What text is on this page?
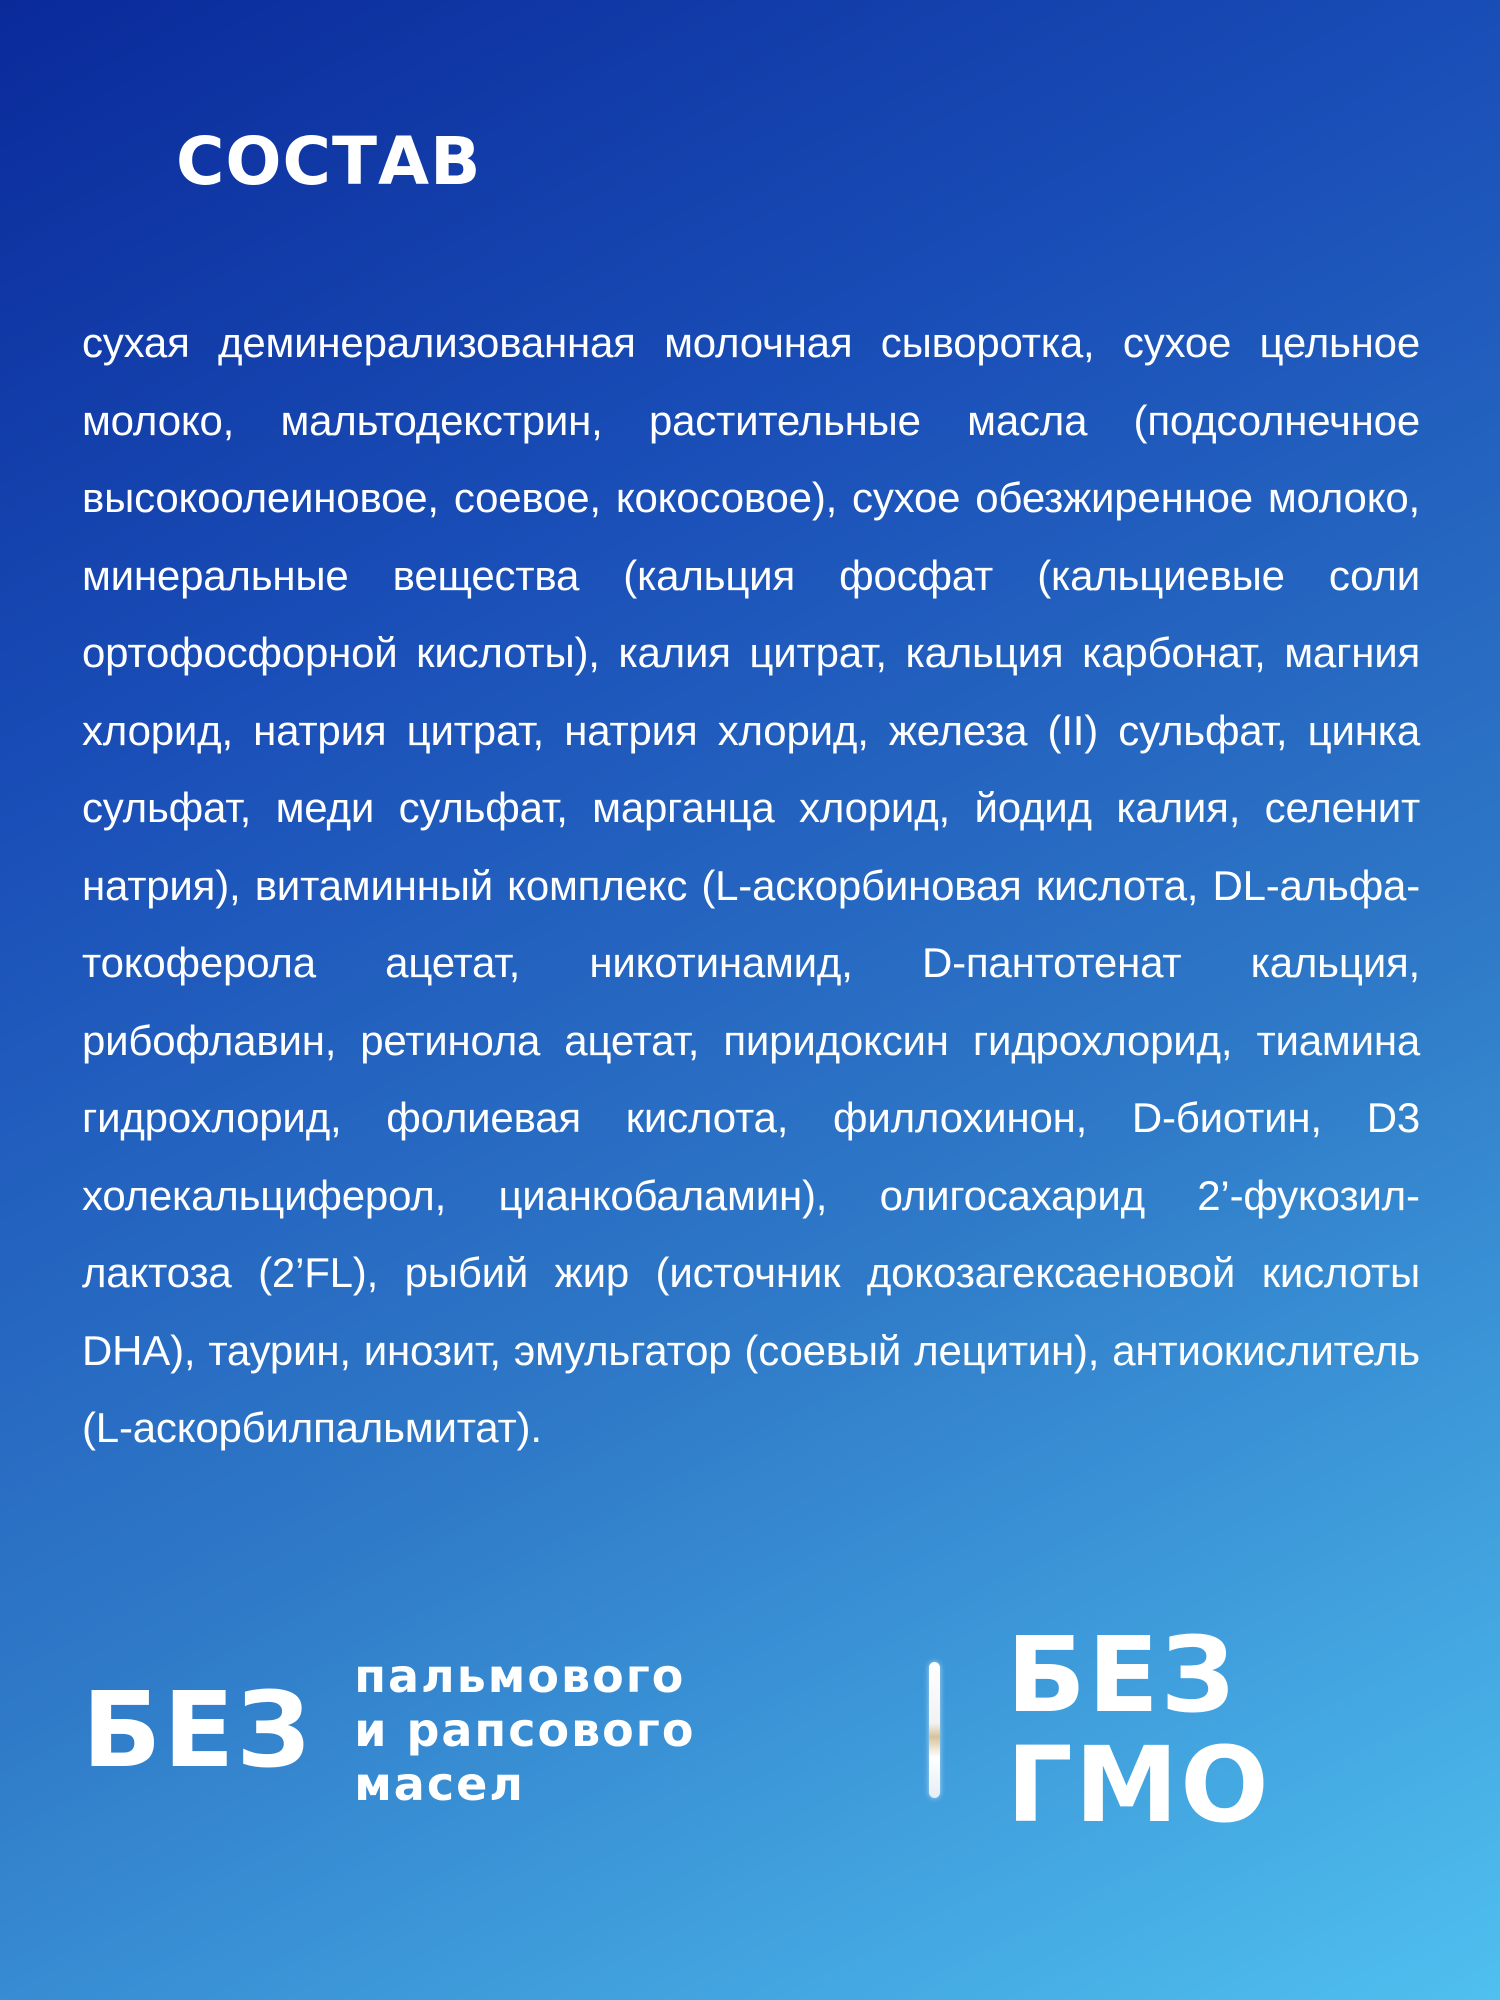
СОСТАВ

сухая деминерализованная молочная сыворотка, сухое цельное молоко, мальтодекстрин, растительные масла (подсолнечное высокоолеиновое, соевое, кокосовое), сухое обезжиренное молоко, минеральные вещества (кальция фосфат (кальциевые соли ортофосфорной кислоты), калия цитрат, кальция карбонат, магния хлорид, натрия цитрат, натрия хлорид, железа (II) сульфат, цинка сульфат, меди сульфат, марганца хлорид, йодид калия, селенит натрия), витаминный комплекс (L-аскорбиновая кислота, DL-альфа-токоферола ацетат, никотинамид, D-пантотенат кальция, рибофлавин, ретинола ацетат, пиридоксин гидрохлорид, тиамина гидрохлорид, фолиевая кислота, филлохинон, D-биотин, D3 холекальциферол, цианкобаламин), олигосахарид 2’-фукозиллактоза (2’FL), рыбий жир (источник докозагексаеновой кислоты DHA), таурин, инозит, эмульгатор (соевый лецитин), антиокислитель (L-аскорбилпальмитат).

БЕЗ пальмового
и рапсового масел
БЕЗ ГМО
